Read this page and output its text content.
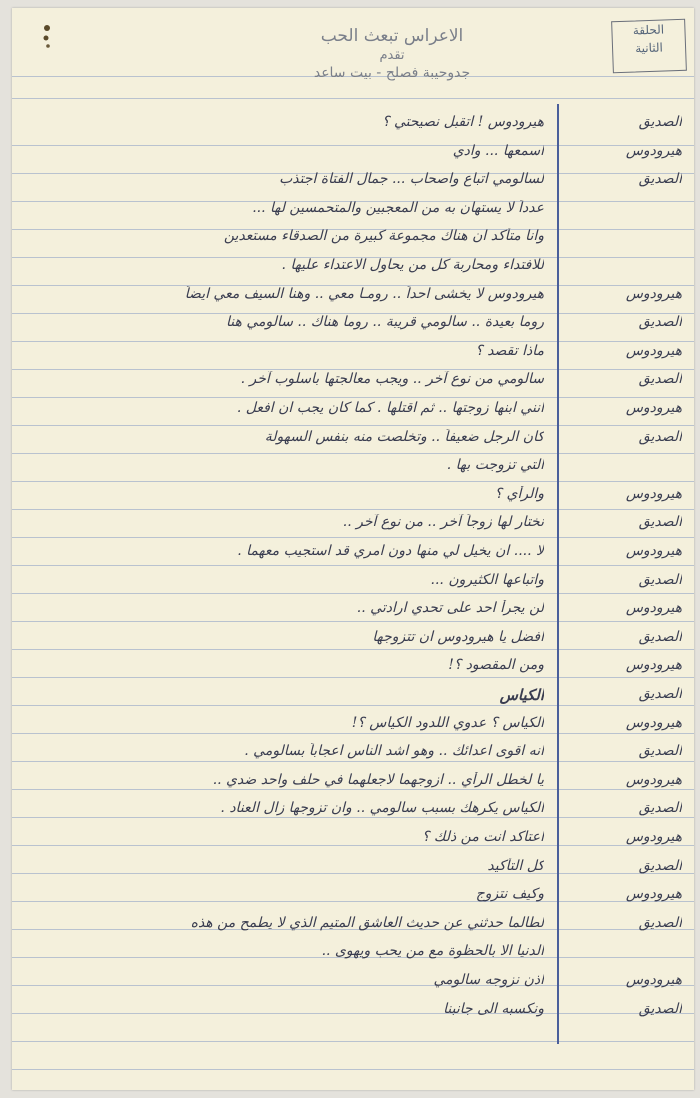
الحلقة
الثانية
الاعراس تبعث الحب
تقدم
جدوحيبة فصلح - بيت ساعد
الصديق
هيرودوس ! اتقبل نصيحتي ؟
هيرودوس
اسمعها ... وادي
الصديق
لسالومي اتباع واصحاب ... جمال الفتاة اجتذب
عدداً لا يستهان به من المعجبين والمتحمسين لها ...
وانا متأكد ان هناك مجموعة كبيرة من الصدقاء مستعدين
للافتداء ومحاربة كل من يحاول الاعتداء عليها .
هيرودوس
هيرودوس لا يخشى احداً .. رومـا معي .. وهنا السيف معي ايضاً
الصديق
روما بعيدة .. سالومي قريبة .. روما هناك .. سالومي هنا
هيرودوس
ماذا تقصد ؟
الصديق
سالومي من نوع آخر .. ويجب معالجتها باسلوب آخر .
هيرودوس
انني ابنها زوجتها .. ثم اقتلها . كما كان يجب ان افعل .
الصديق
كان الرجل ضعيفاً .. وتخلصت منه بنفس السهولة
التي تزوجت بها .
هيرودوس
والرأي ؟
الصديق
نختار لها زوجاً آخر .. من نوع آخر ..
هيرودوس
لا .... ان يخيل لي منها دون امري قد استجيب معهما .
الصديق
واتباعها الكثيرون ...
هيرودوس
لن يجرأ احد على تحدي ارادتي ..
الصديق
افضل يا هيرودوس ان تتزوجها
هيرودوس
ومن المقصود ؟!
الصديق
الكياس
هيرودوس
الكياس ؟ عدوي اللدود الكياس ؟!
الصديق
انه اقوى اعدائك .. وهو اشد الناس اعجاباً بسالومي .
هيرودوس
يا لخطل الرأي .. ازوجهما لاجعلهما في حلف واحد ضدي ..
الصديق
الكياس يكرهك بسبب سالومي .. وان تزوجها زال العناد .
هيرودوس
اعتاكد انت من ذلك ؟
الصديق
كل التأكيد
هيرودوس
وكيف نتزوج
الصديق
لطالما حدثني عن حديث العاشق المتيم الذي لا يطمح من هذه
الدنيا الا بالحظوة مع من يحب ويهوى ..
هيرودوس
اذن نزوجه سالومي
الصديق
ونكسبه الى جانبنا
